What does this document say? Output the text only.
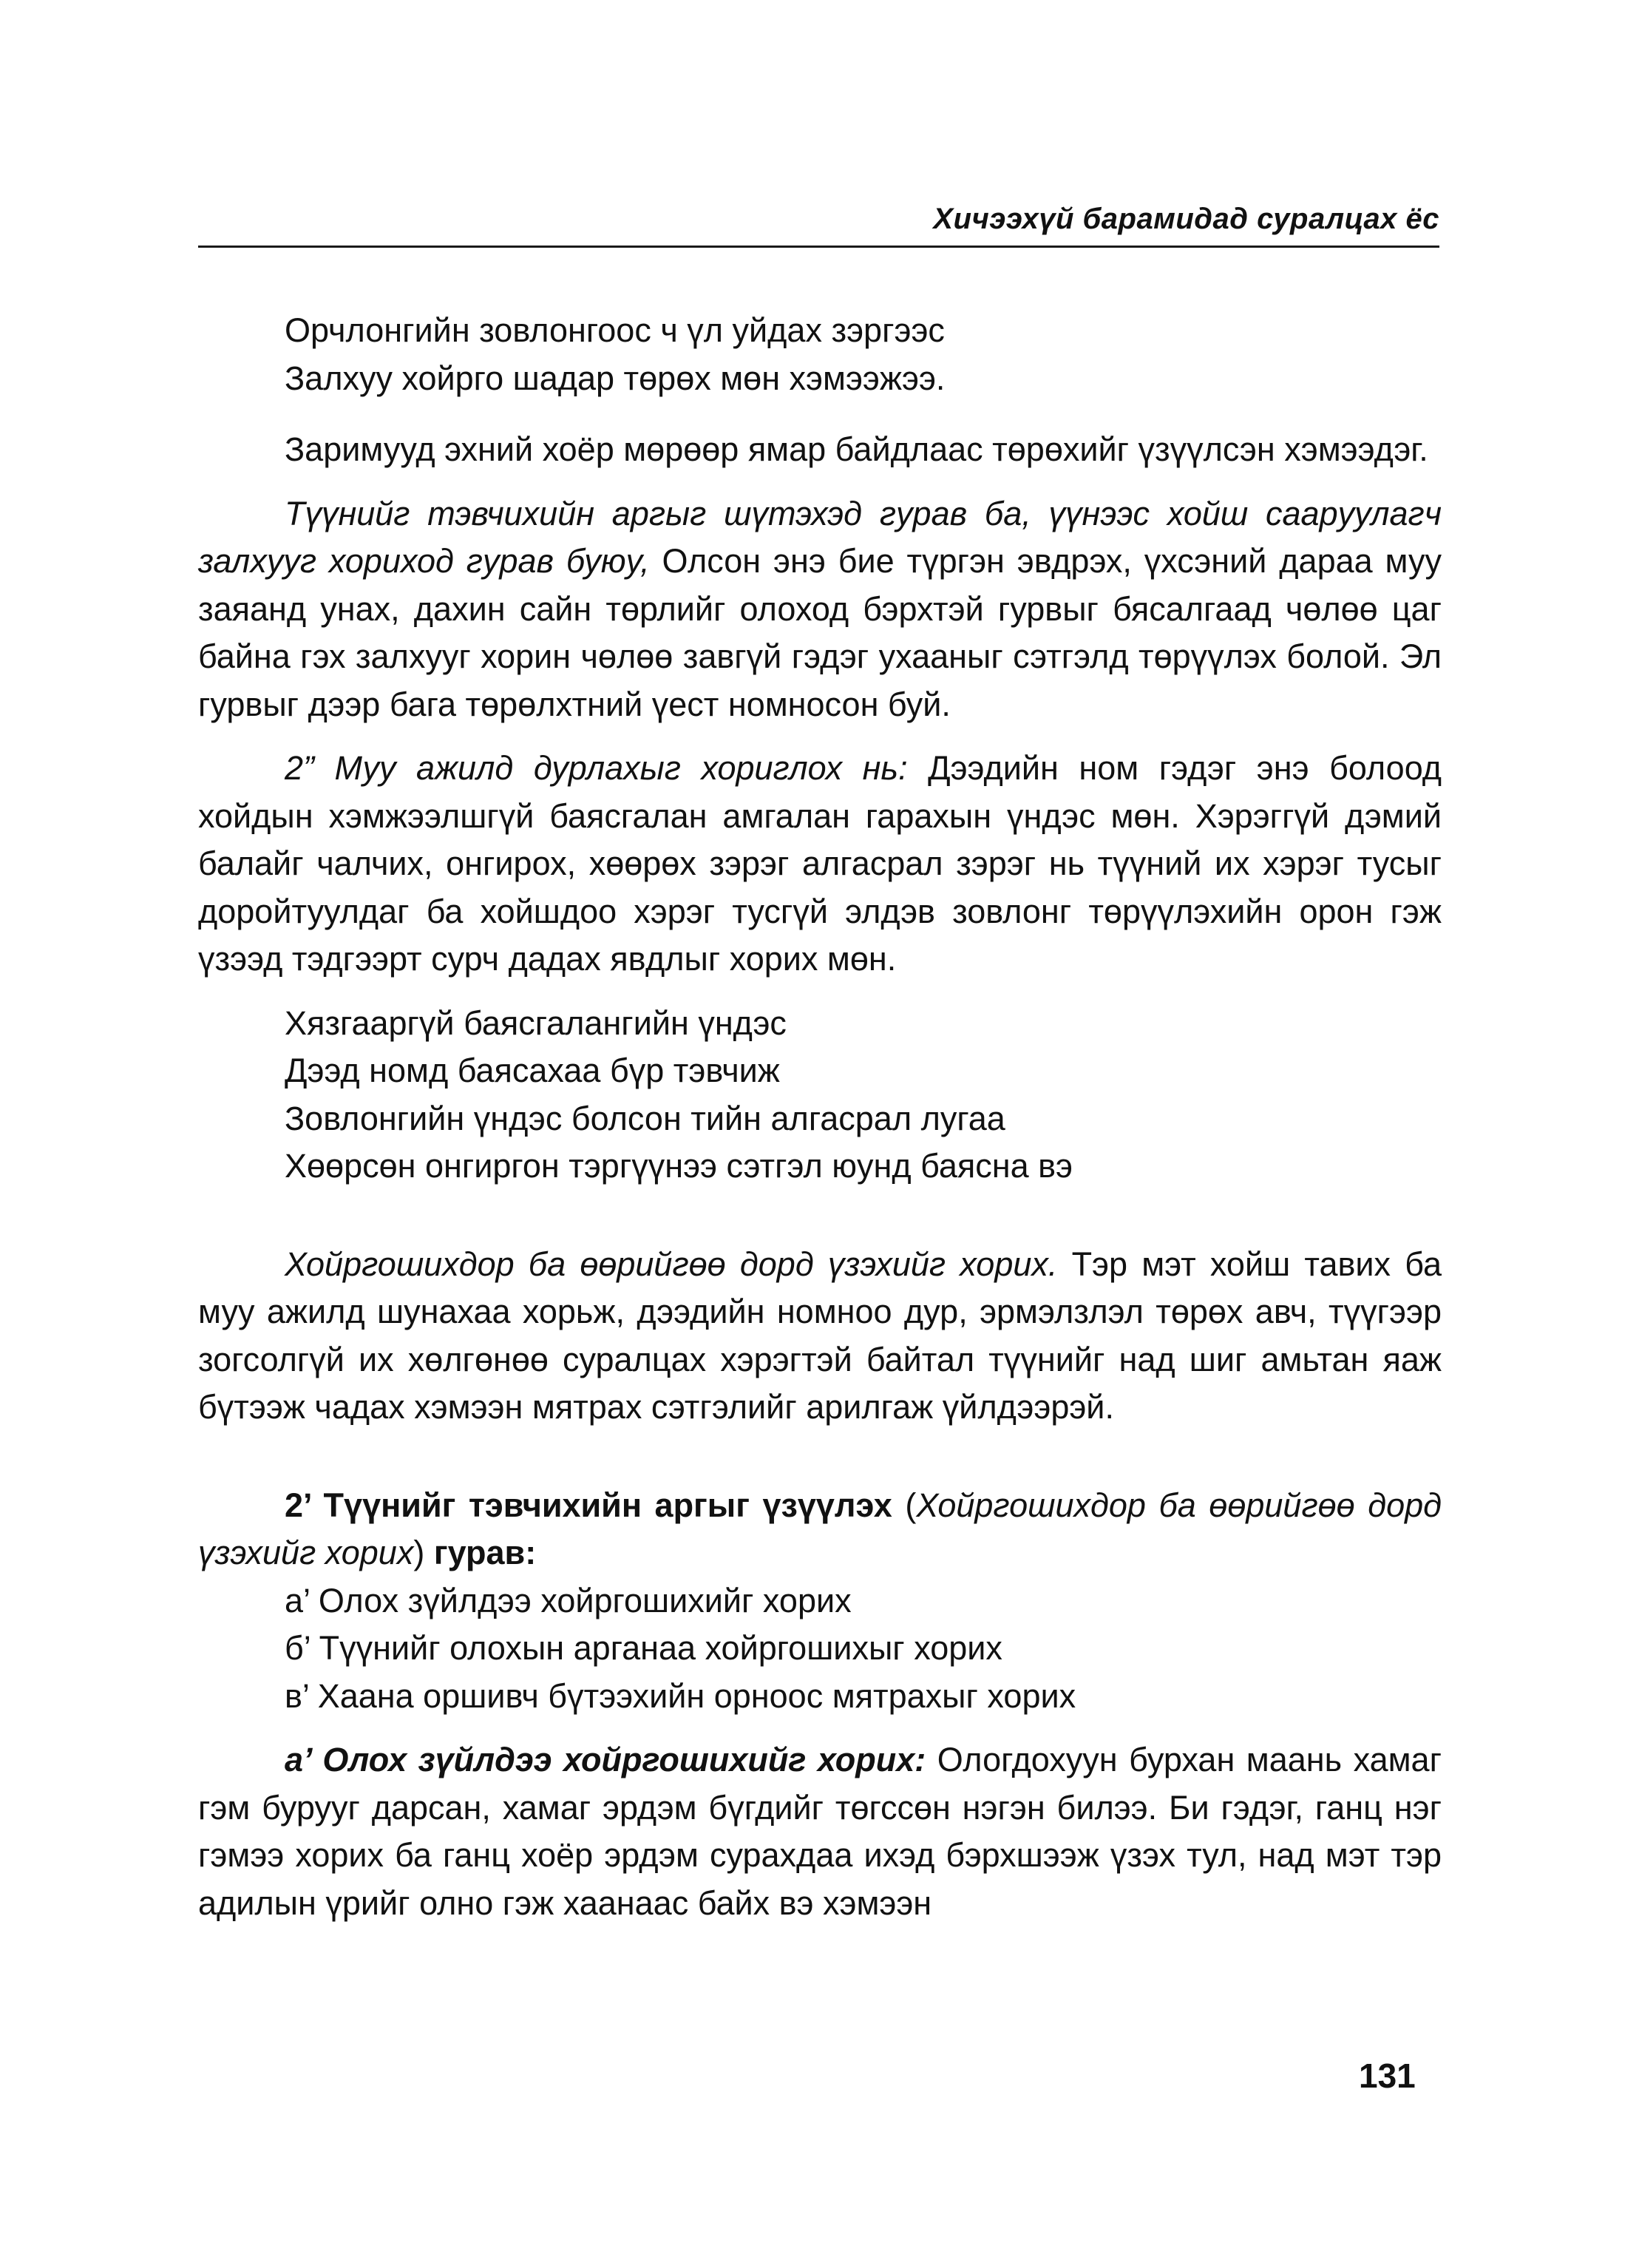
Хичээхүй барамидад суралцах ёс
Орчлонгийн зовлонгоос ч үл уйдах зэргээс
Залхуу хойрго шадар төрөх мөн хэмээжээ.

Заримууд эхний хоёр мөрөөр ямар байдлаас төрөхийг үзүүлсэн хэмээдэг.

Түүнийг тэвчихийн аргыг шүтэхэд гурав ба, үүнээс хойш саарyулагч залхуyг хориход гурав буюу, Олсон энэ бие түргэн эвдрэх, үхсэний дараа муу заяанд унах, дахин сайн төрлийг олоход бэрхтэй гурвыг бясалгаад чөлөө цаг байна гэх залхууг хорин чөлөө завгүй гэдэг ухааныг сэтгэлд төрүүлэх болой. Эл гурвыг дээр бага төрөлхтний үест номносон буй.

2” Муу ажилд дурлахыг хориглох нь: Дээдийн ном гэдэг энэ болоод хойдын хэмжээлшгүй баясгалан амгалан гарахын үндэс мөн. Хэрэггүй дэмий балайг чалчих, онгирох, хөөрөх зэрэг алгасрал зэрэг нь түүний их хэрэг тусыг доройтуулдаг ба хойшдоо хэрэг тусгүй элдэв зовлонг төрүүлэхийн орон гэж үзээд тэдгээрт сурч дадах явдлыг хорих мөн.

Хязгааргүй баясгалангийн үндэс
Дээд номд баясахаа бүр тэвчиж
Зовлонгийн үндэс болсон тийн алгасрал лугаа
Хөөрсөн онгиргон тэргүүнээ сэтгэл юунд баясна вэ

Хойргошихдор ба өөрийгөө дорд үзэхийг хорих. Тэр мэт хойш тавих ба муу ажилд шунахаа хорьж, дээдийн номноо дур, эрмэлзлэл төрөх авч, түүгээр зогсолгүй их хөлгөнөө суралцах хэрэгтэй байтал түүнийг над шиг амьтан яаж бүтээж чадах хэмээн мятрах сэтгэлийг арилгаж үйлдээрэй.

2’ Түүнийг тэвчихийн аргыг үзүүлэх (Хойргошихдор ба өөрийгөө дорд үзэхийг хорих) гурав:

а’ Олох зүйлдээ хойргошихийг хорих
б’ Түүнийг олохын арганаа хойргошихыг хорих
в’ Хаана оршивч бүтээхийн орноос мятрахыг хорих

а’ Олох зүйлдээ хойргошихийг хорих: Ологдохуун бурхан маань хамаг гэм бурууг дарсан, хамаг эрдэм бүгдийг төгссөн нэгэн билээ. Би гэдэг, ганц нэг гэмээ хорих ба ганц хоёр эрдэм сурахдаа ихэд бэрхшээж үзэх тул, над мэт тэр адилын үрийг олно гэж хаанаас байх вэ хэмээн

131
